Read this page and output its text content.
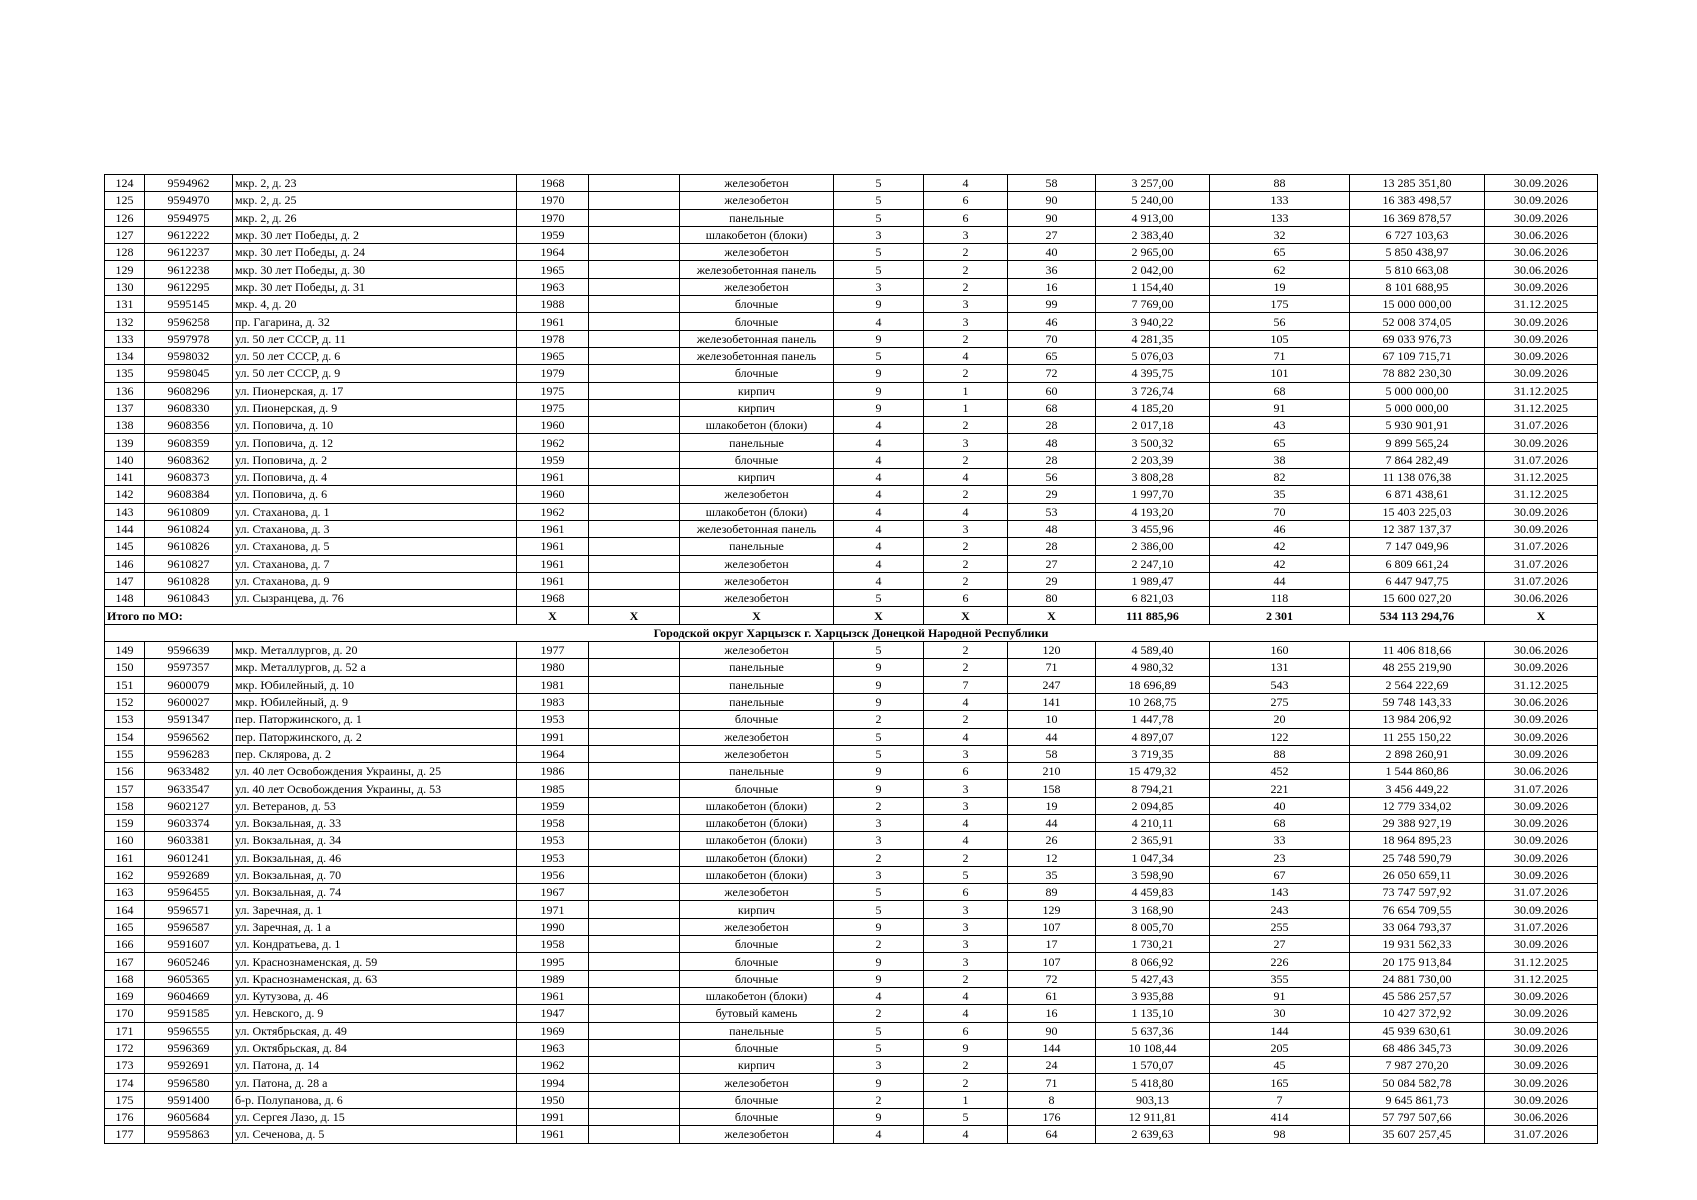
124	9594962	мкр. 2, д. 23	1968		железобетон	5	4	58	3 257,00	88	13 285 351,80	30.09.2026
125	9594970	мкр. 2, д. 25	1970		железобетон	5	6	90	5 240,00	133	16 383 498,57	30.09.2026
126	9594975	мкр. 2, д. 26	1970		панельные	5	6	90	4 913,00	133	16 369 878,57	30.09.2026
127	9612222	мкр. 30 лет Победы, д. 2	1959		шлакобетон (блоки)	3	3	27	2 383,40	32	6 727 103,63	30.06.2026
128	9612237	мкр. 30 лет Победы, д. 24	1964		железобетон	5	2	40	2 965,00	65	5 850 438,97	30.06.2026
129	9612238	мкр. 30 лет Победы, д. 30	1965		железобетонная панель	5	2	36	2 042,00	62	5 810 663,08	30.06.2026
130	9612295	мкр. 30 лет Победы, д. 31	1963		железобетон	3	2	16	1 154,40	19	8 101 688,95	30.09.2026
131	9595145	мкр. 4, д. 20	1988		блочные	9	3	99	7 769,00	175	15 000 000,00	31.12.2025
132	9596258	пр. Гагарина, д. 32	1961		блочные	4	3	46	3 940,22	56	52 008 374,05	30.09.2026
133	9597978	ул. 50 лет СССР, д. 11	1978		железобетонная панель	9	2	70	4 281,35	105	69 033 976,73	30.09.2026
134	9598032	ул. 50 лет СССР, д. 6	1965		железобетонная панель	5	4	65	5 076,03	71	67 109 715,71	30.09.2026
135	9598045	ул. 50 лет СССР, д. 9	1979		блочные	9	2	72	4 395,75	101	78 882 230,30	30.09.2026
136	9608296	ул. Пионерская, д. 17	1975		кирпич	9	1	60	3 726,74	68	5 000 000,00	31.12.2025
137	9608330	ул. Пионерская, д. 9	1975		кирпич	9	1	68	4 185,20	91	5 000 000,00	31.12.2025
138	9608356	ул. Поповича, д. 10	1960		шлакобетон (блоки)	4	2	28	2 017,18	43	5 930 901,91	31.07.2026
139	9608359	ул. Поповича, д. 12	1962		панельные	4	3	48	3 500,32	65	9 899 565,24	30.09.2026
140	9608362	ул. Поповича, д. 2	1959		блочные	4	2	28	2 203,39	38	7 864 282,49	31.07.2026
141	9608373	ул. Поповича, д. 4	1961		кирпич	4	4	56	3 808,28	82	11 138 076,38	31.12.2025
142	9608384	ул. Поповича, д. 6	1960		железобетон	4	2	29	1 997,70	35	6 871 438,61	31.12.2025
143	9610809	ул. Стаханова, д. 1	1962		шлакобетон (блоки)	4	4	53	4 193,20	70	15 403 225,03	30.09.2026
144	9610824	ул. Стаханова, д. 3	1961		железобетонная панель	4	3	48	3 455,96	46	12 387 137,37	30.09.2026
145	9610826	ул. Стаханова, д. 5	1961		панельные	4	2	28	2 386,00	42	7 147 049,96	31.07.2026
146	9610827	ул. Стаханова, д. 7	1961		железобетон	4	2	27	2 247,10	42	6 809 661,24	31.07.2026
147	9610828	ул. Стаханова, д. 9	1961		железобетон	4	2	29	1 989,47	44	6 447 947,75	31.07.2026
148	9610843	ул. Сызранцева, д. 76	1968		железобетон	5	6	80	6 821,03	118	15 600 027,20	30.06.2026
Итого по МО:			X	X	X	X	X	X	111 885,96	2 301	534 113 294,76	X
Городской округ Харцызск г. Харцызск Донецкой Народной Республики												
149	9596639	мкр. Металлургов, д. 20	1977		железобетон	5	2	120	4 589,40	160	11 406 818,66	30.06.2026
150	9597357	мкр. Металлургов, д. 52 а	1980		панельные	9	2	71	4 980,32	131	48 255 219,90	30.09.2026
151	9600079	мкр. Юбилейный, д. 10	1981		панельные	9	7	247	18 696,89	543	2 564 222,69	31.12.2025
152	9600027	мкр. Юбилейный, д. 9	1983		панельные	9	4	141	10 268,75	275	59 748 143,33	30.06.2026
153	9591347	пер. Паторжинского, д. 1	1953		блочные	2	2	10	1 447,78	20	13 984 206,92	30.09.2026
154	9596562	пер. Паторжинского, д. 2	1991		железобетон	5	4	44	4 897,07	122	11 255 150,22	30.09.2026
155	9596283	пер. Склярова, д. 2	1964		железобетон	5	3	58	3 719,35	88	2 898 260,91	30.09.2026
156	9633482	ул. 40 лет Освобождения Украины, д. 25	1986		панельные	9	6	210	15 479,32	452	1 544 860,86	30.06.2026
157	9633547	ул. 40 лет Освобождения Украины, д. 53	1985		блочные	9	3	158	8 794,21	221	3 456 449,22	31.07.2026
158	9602127	ул. Ветеранов, д. 53	1959		шлакобетон (блоки)	2	3	19	2 094,85	40	12 779 334,02	30.09.2026
159	9603374	ул. Вокзальная, д. 33	1958		шлакобетон (блоки)	3	4	44	4 210,11	68	29 388 927,19	30.09.2026
160	9603381	ул. Вокзальная, д. 34	1953		шлакобетон (блоки)	3	4	26	2 365,91	33	18 964 895,23	30.09.2026
161	9601241	ул. Вокзальная, д. 46	1953		шлакобетон (блоки)	2	2	12	1 047,34	23	25 748 590,79	30.09.2026
162	9592689	ул. Вокзальная, д. 70	1956		шлакобетон (блоки)	3	5	35	3 598,90	67	26 050 659,11	30.09.2026
163	9596455	ул. Вокзальная, д. 74	1967		железобетон	5	6	89	4 459,83	143	73 747 597,92	31.07.2026
164	9596571	ул. Заречная, д. 1	1971		кирпич	5	3	129	3 168,90	243	76 654 709,55	30.09.2026
165	9596587	ул. Заречная, д. 1 а	1990		железобетон	9	3	107	8 005,70	255	33 064 793,37	31.07.2026
166	9591607	ул. Кондратьева, д. 1	1958		блочные	2	3	17	1 730,21	27	19 931 562,33	30.09.2026
167	9605246	ул. Краснознаменская, д. 59	1995		блочные	9	3	107	8 066,92	226	20 175 913,84	31.12.2025
168	9605365	ул. Краснознаменская, д. 63	1989		блочные	9	2	72	5 427,43	355	24 881 730,00	31.12.2025
169	9604669	ул. Кутузова, д. 46	1961		шлакобетон (блоки)	4	4	61	3 935,88	91	45 586 257,57	30.09.2026
170	9591585	ул. Невского, д. 9	1947		бутовый камень	2	4	16	1 135,10	30	10 427 372,92	30.09.2026
171	9596555	ул. Октябрьская, д. 49	1969		панельные	5	6	90	5 637,36	144	45 939 630,61	30.09.2026
172	9596369	ул. Октябрьская, д. 84	1963		блочные	5	9	144	10 108,44	205	68 486 345,73	30.09.2026
173	9592691	ул. Патона, д. 14	1962		кирпич	3	2	24	1 570,07	45	7 987 270,20	30.09.2026
174	9596580	ул. Патона, д. 28 а	1994		железобетон	9	2	71	5 418,80	165	50 084 582,78	30.09.2026
175	9591400	б-р. Полупанова, д. 6	1950		блочные	2	1	8	903,13	7	9 645 861,73	30.09.2026
176	9605684	ул. Сергея Лазо, д. 15	1991		блочные	9	5	176	12 911,81	414	57 797 507,66	30.06.2026
177	9595863	ул. Сеченова, д. 5	1961		железобетон	4	4	64	2 639,63	98	35 607 257,45	31.07.2026
